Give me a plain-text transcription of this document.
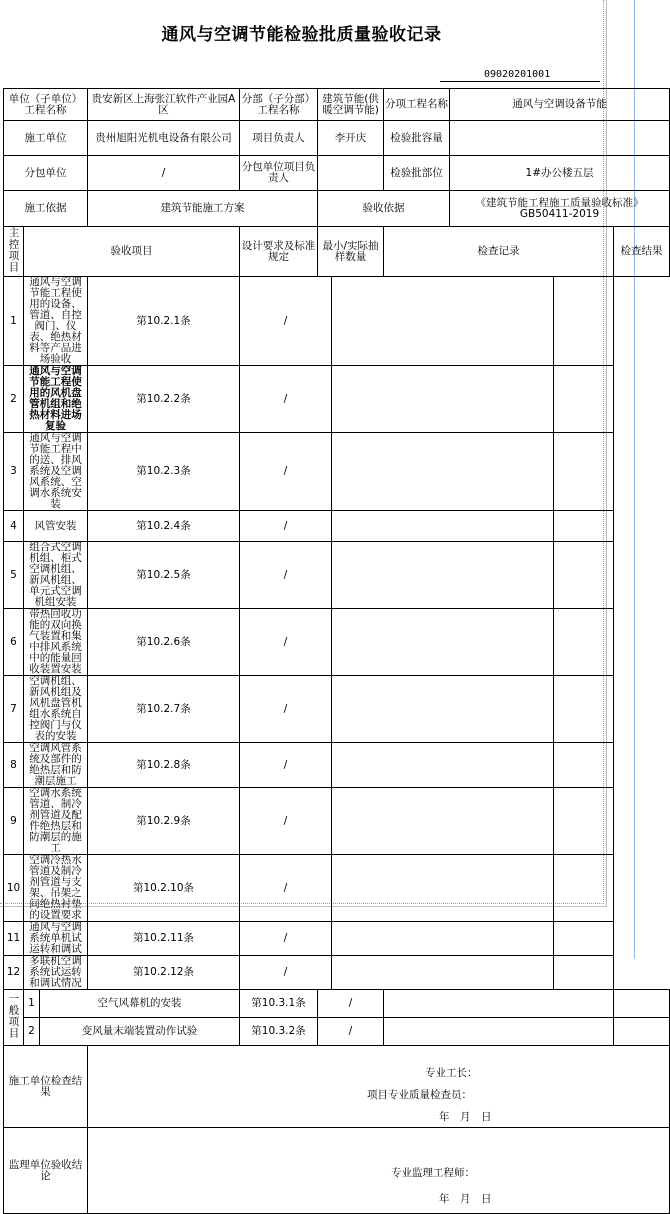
通风与空调节能检验批质量验收记录
09020201001
单位（子单位）工程名称			贵安新区上海张江软件产业园A区	分部（子分部）工程名称	建筑节能(供暖空调节能)		分项工程名称	通风与空调设备节能		
施工单位			贵州旭阳光机电设备有限公司	项目负责人	李开庆		检验批容量			
分包单位			/	分包单位项目负责人			检验批部位	1#办公楼五层		
施工依据			建筑节能施工方案		验收依据			《建筑节能工程施工质量验收标准》GB50411-2019		
主控项目	验收项目			设计要求及标准规定	最小/实际抽样数量		检查记录			检查结果
1	通风与空调节能工程使用的设备、管道、自控阀门、仪表、绝热材料等产品进场验收		第10.2.1条	/						
2	通风与空调节能工程使用的风机盘管机组和绝热材料进场复验		第10.2.2条	/						
3	通风与空调节能工程中的送、排风系统及空调风系统、空调水系统安装		第10.2.3条	/						
4	风管安装		第10.2.4条	/						
5	组合式空调机组、柜式空调机组、新风机组、单元式空调机组安装		第10.2.5条	/						
6	带热回收功能的双向换气装置和集中排风系统中的能量回收装置安装		第10.2.6条	/						
7	空调机组、新风机组及风机盘管机组水系统自控阀门与仪表的安装		第10.2.7条	/						
8	空调风管系统及部件的绝热层和防潮层施工		第10.2.8条	/						
9	空调水系统管道、制冷剂管道及配件绝热层和防潮层的施工		第10.2.9条	/						
10	空调冷热水管道及制冷剂管道与支架、吊架之间绝热衬垫的设置要求		第10.2.10条	/						
11	通风与空调系统单机试运转和调试		第10.2.11条	/						
12	多联机空调系统试运转和调试情况		第10.2.12条	/						
一般项目	1	空气风幕机的安装		第10.3.1条	/					
	2	变风量末端装置动作试验		第10.3.2条	/					
施工单位检查结果			专业工长：
项目专业质量检查员：
年　月　日							

监理单位验收结论			专业监理工程师：
年　月　日							
